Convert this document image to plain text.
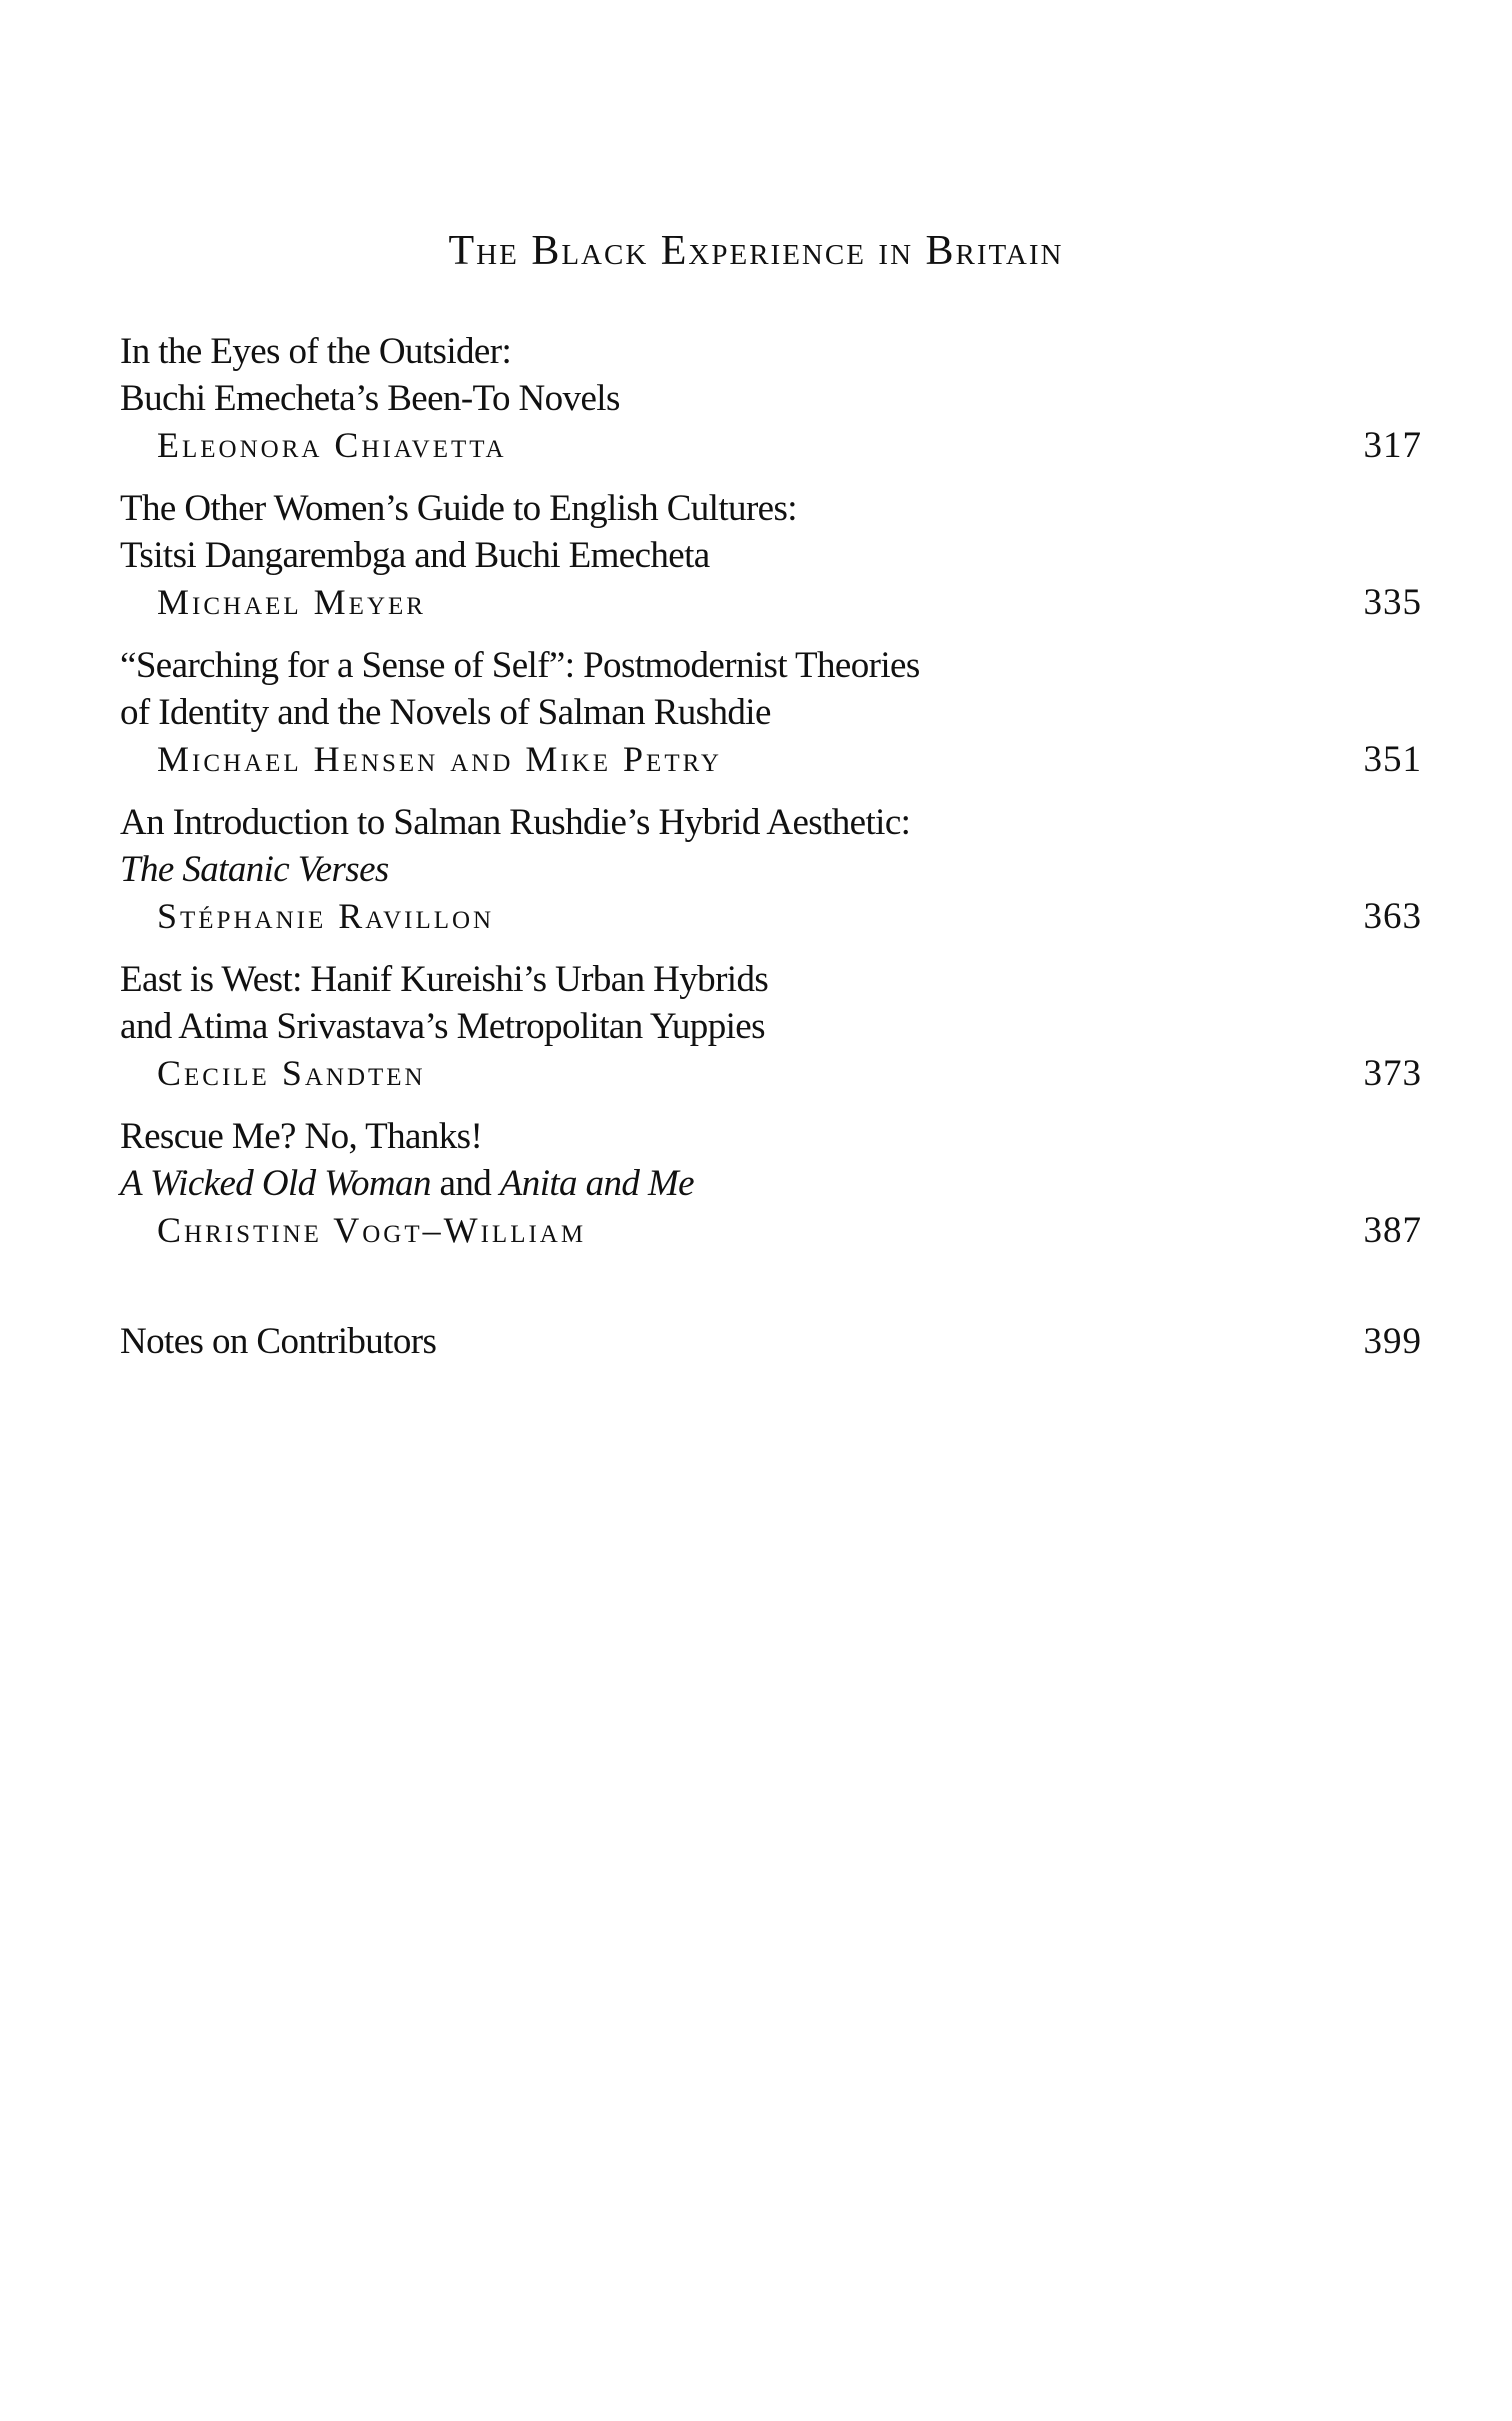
The Black Experience in Britain
In the Eyes of the Outsider:
Buchi Emecheta’s Been-To Novels
Eleonora Chiavetta	317
The Other Women’s Guide to English Cultures:
Tsitsi Dangarembga and Buchi Emecheta
Michael Meyer	335
“Searching for a Sense of Self”: Postmodernist Theories
of Identity and the Novels of Salman Rushdie
Michael Hensen and Mike Petry	351
An Introduction to Salman Rushdie’s Hybrid Aesthetic:
The Satanic Verses
Stéphanie Ravillon	363
East is West: Hanif Kureishi’s Urban Hybrids
and Atima Srivastava’s Metropolitan Yuppies
Cecile Sandten	373
Rescue Me? No, Thanks!
A Wicked Old Woman and Anita and Me
Christine Vogt–William	387
Notes on Contributors	399
